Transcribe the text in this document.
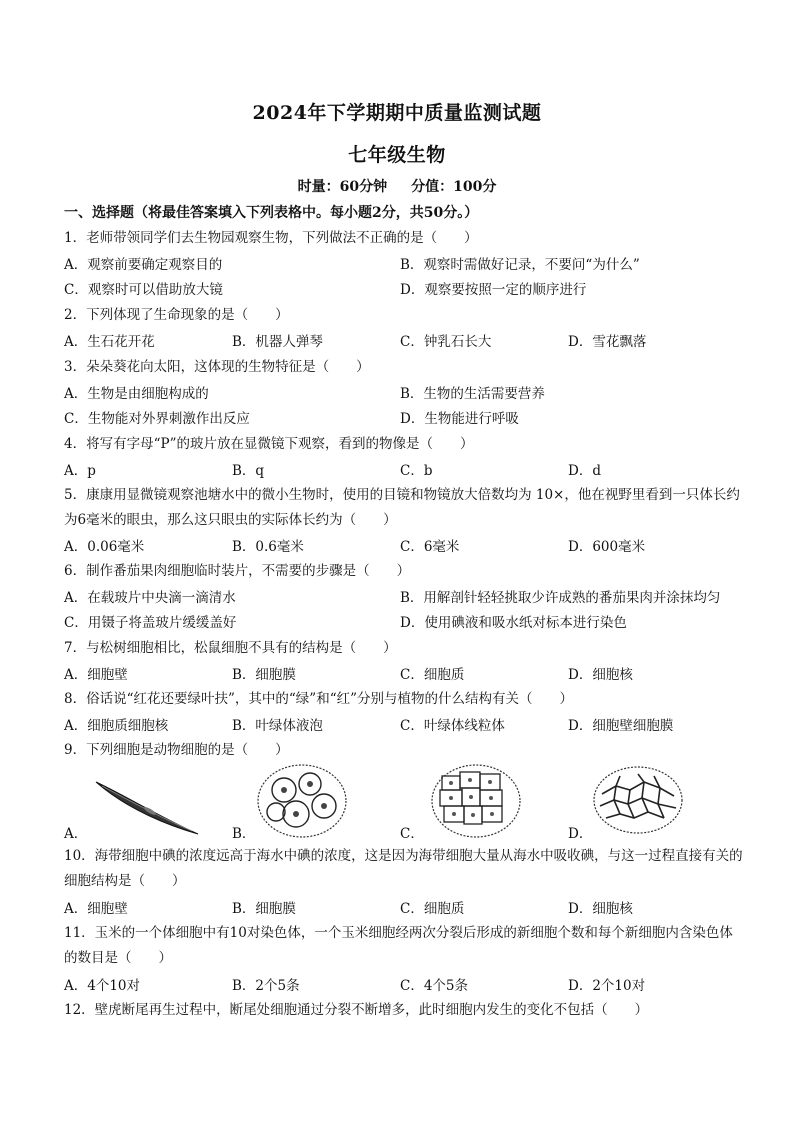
2024年下学期期中质量监测试题
七年级生物
时量：60分钟 分值：100分
一、选择题（将最佳答案填入下列表格中。每小题2分，共50分。）
1．老师带领同学们去生物园观察生物，下列做法不正确的是（　　）
A．观察前要确定观察目的	B．观察时需做好记录，不要问“为什么”
C．观察时可以借助放大镜	D．观察要按照一定的顺序进行
2．下列体现了生命现象的是（　　）
A．生石花开花	B．机器人弹琴	C．钟乳石长大	D．雪花飘落
3．朵朵葵花向太阳，这体现的生物特征是（　　）
A．生物是由细胞构成的	B．生物的生活需要营养
C．生物能对外界刺激作出反应	D．生物能进行呼吸
4．将写有字母“P”的玻片放在显微镜下观察，看到的物像是（　　）
A．p	B．q	C．b	D．d
5．康康用显微镜观察池塘水中的微小生物时，使用的目镜和物镜放大倍数均为 10×，他在视野里看到一只体长约为6毫米的眼虫，那么这只眼虫的实际体长约为（　　）
A．0.06毫米	B．0.6毫米	C．6毫米	D．600毫米
6．制作番茄果肉细胞临时装片，不需要的步骤是（　　）
A．在载玻片中央滴一滴清水	B．用解剖针轻轻挑取少许成熟的番茄果肉并涂抹均匀
C．用镊子将盖玻片缓缓盖好	D．使用碘液和吸水纸对标本进行染色
7．与松树细胞相比，松鼠细胞不具有的结构是（　　）
A．细胞壁	B．细胞膜	C．细胞质	D．细胞核
8．俗话说“红花还要绿叶扶”，其中的“绿”和“红”分别与植物的什么结构有关（　　）
A．细胞质细胞核	B．叶绿体液泡	C．叶绿体线粒体	D．细胞壁细胞膜
9．下列细胞是动物细胞的是（　　）
A．	B．	C．	D．
10．海带细胞中碘的浓度远高于海水中碘的浓度，这是因为海带细胞大量从海水中吸收碘，与这一过程直接有关的细胞结构是（　　）
A．细胞壁	B．细胞膜	C．细胞质	D．细胞核
11．玉米的一个体细胞中有10对染色体，一个玉米细胞经两次分裂后形成的新细胞个数和每个新细胞内含染色体的数目是（　　）
A．4个10对	B．2个5条	C．4个5条	D．2个10对
12．壁虎断尾再生过程中，断尾处细胞通过分裂不断增多，此时细胞内发生的变化不包括（　　）
